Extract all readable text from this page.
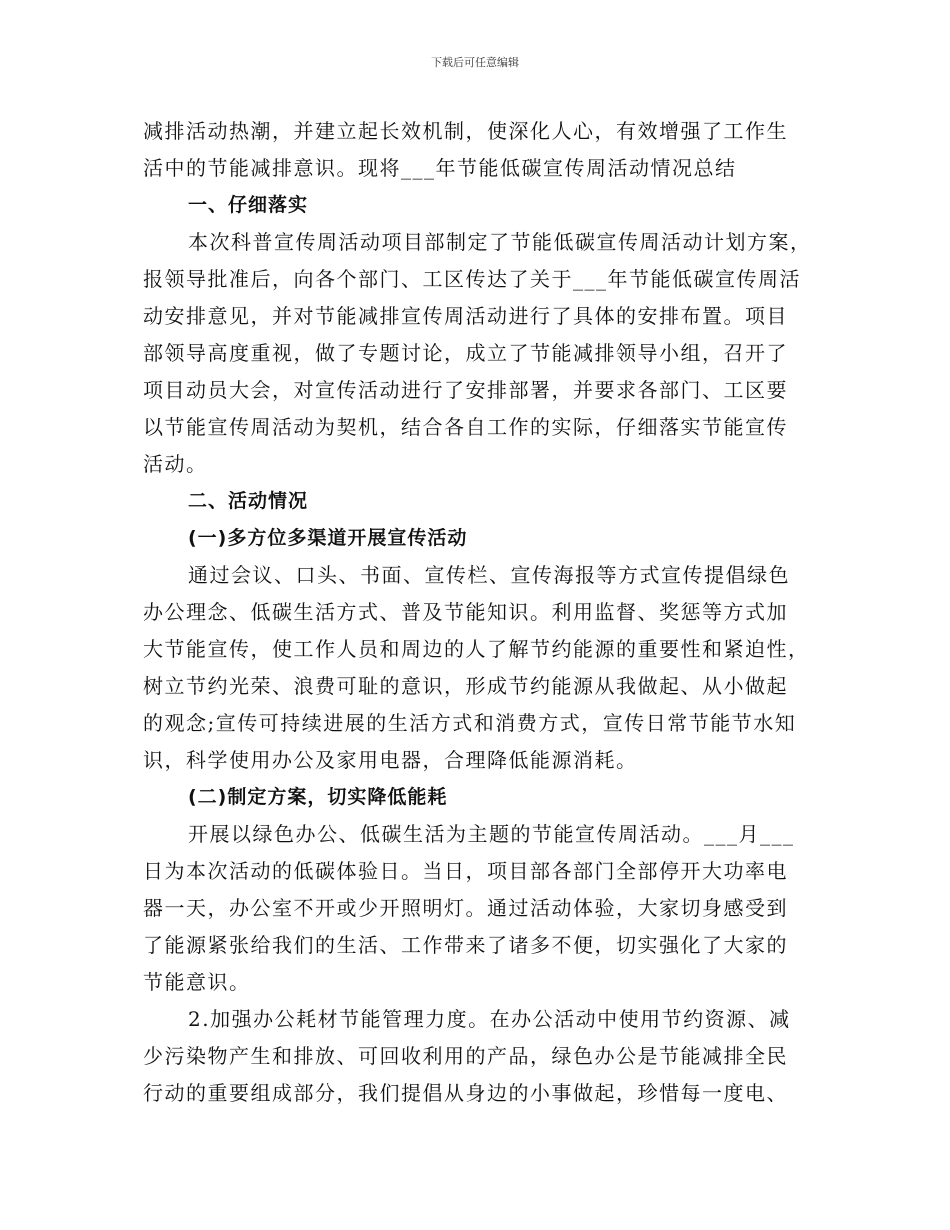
下载后可任意编辑
减排活动热潮，并建立起长效机制，使深化人心，有效增强了工作生
活中的节能减排意识。现将___年节能低碳宣传周活动情况总结
一、仔细落实
本次科普宣传周活动项目部制定了节能低碳宣传周活动计划方案，
报领导批准后，向各个部门、工区传达了关于___年节能低碳宣传周活
动安排意见，并对节能减排宣传周活动进行了具体的安排布置。项目
部领导高度重视，做了专题讨论，成立了节能减排领导小组，召开了
项目动员大会，对宣传活动进行了安排部署，并要求各部门、工区要
以节能宣传周活动为契机，结合各自工作的实际，仔细落实节能宣传
活动。
二、活动情况
(一)多方位多渠道开展宣传活动
通过会议、口头、书面、宣传栏、宣传海报等方式宣传提倡绿色
办公理念、低碳生活方式、普及节能知识。利用监督、奖惩等方式加
大节能宣传，使工作人员和周边的人了解节约能源的重要性和紧迫性，
树立节约光荣、浪费可耻的意识，形成节约能源从我做起、从小做起
的观念;宣传可持续进展的生活方式和消费方式，宣传日常节能节水知
识，科学使用办公及家用电器，合理降低能源消耗。
(二)制定方案，切实降低能耗
开展以绿色办公、低碳生活为主题的节能宣传周活动。___月___
日为本次活动的低碳体验日。当日，项目部各部门全部停开大功率电
器一天，办公室不开或少开照明灯。通过活动体验，大家切身感受到
了能源紧张给我们的生活、工作带来了诸多不便，切实强化了大家的
节能意识。
2.加强办公耗材节能管理力度。在办公活动中使用节约资源、减
少污染物产生和排放、可回收利用的产品，绿色办公是节能减排全民
行动的重要组成部分，我们提倡从身边的小事做起，珍惜每一度电、
